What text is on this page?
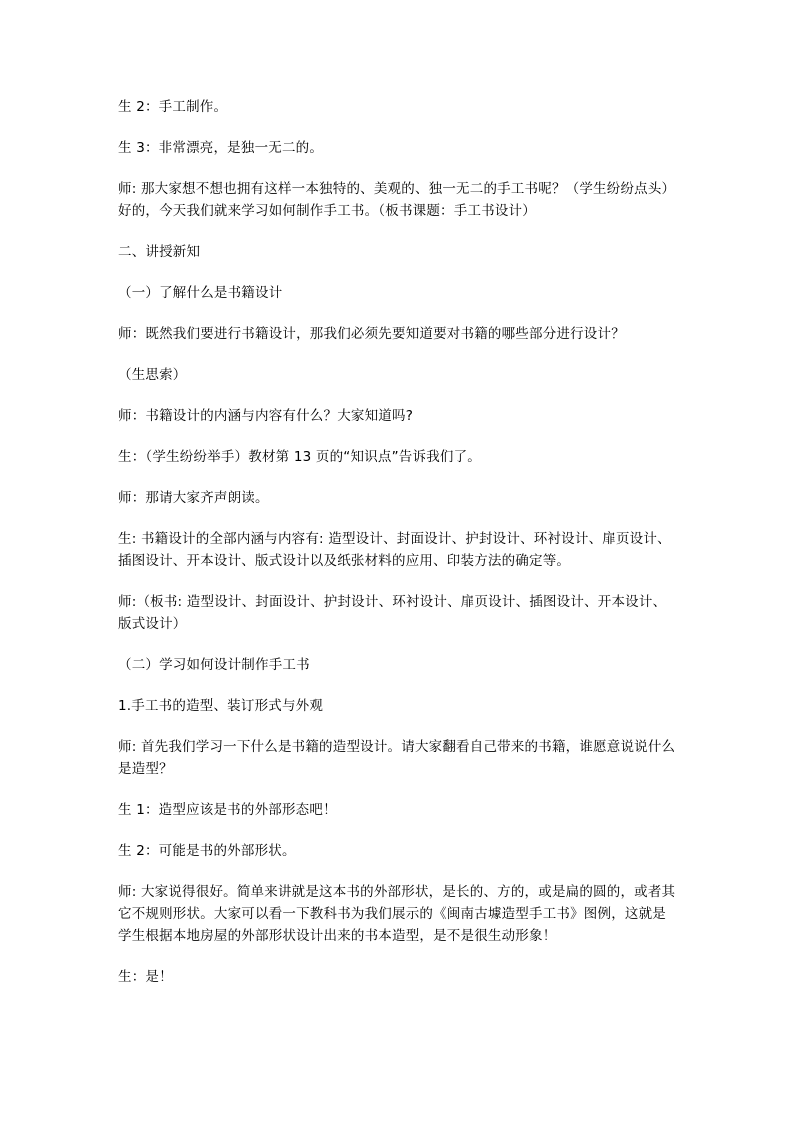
生 2：手工制作。

生 3：非常漂亮，是独一无二的。

师: 那大家想不想也拥有这样一本独特的、美观的、独一无二的手工书呢？（学生纷纷点头）好的，今天我们就来学习如何制作手工书。（板书课题：手工书设计）

二、讲授新知

（一）了解什么是书籍设计

师：既然我们要进行书籍设计，那我们必须先要知道要对书籍的哪些部分进行设计？

（生思索）

师：书籍设计的内涵与内容有什么？大家知道吗?

生：（学生纷纷举手）教材第 13 页的“知识点”告诉我们了。

师：那请大家齐声朗读。

生: 书籍设计的全部内涵与内容有: 造型设计、封面设计、护封设计、环衬设计、扉页设计、插图设计、开本设计、版式设计以及纸张材料的应用、印装方法的确定等。

师:（板书: 造型设计、封面设计、护封设计、环衬设计、扉页设计、插图设计、开本设计、版式设计）

（二）学习如何设计制作手工书

1.手工书的造型、装订形式与外观

师: 首先我们学习一下什么是书籍的造型设计。请大家翻看自己带来的书籍，谁愿意说说什么是造型？

生 1：造型应该是书的外部形态吧！

生 2：可能是书的外部形状。

师: 大家说得很好。简单来讲就是这本书的外部形状，是长的、方的，或是扁的圆的，或者其它不规则形状。大家可以看一下教科书为我们展示的《闽南古壉造型手工书》图例，这就是学生根据本地房屋的外部形状设计出来的书本造型，是不是很生动形象！

生：是！
